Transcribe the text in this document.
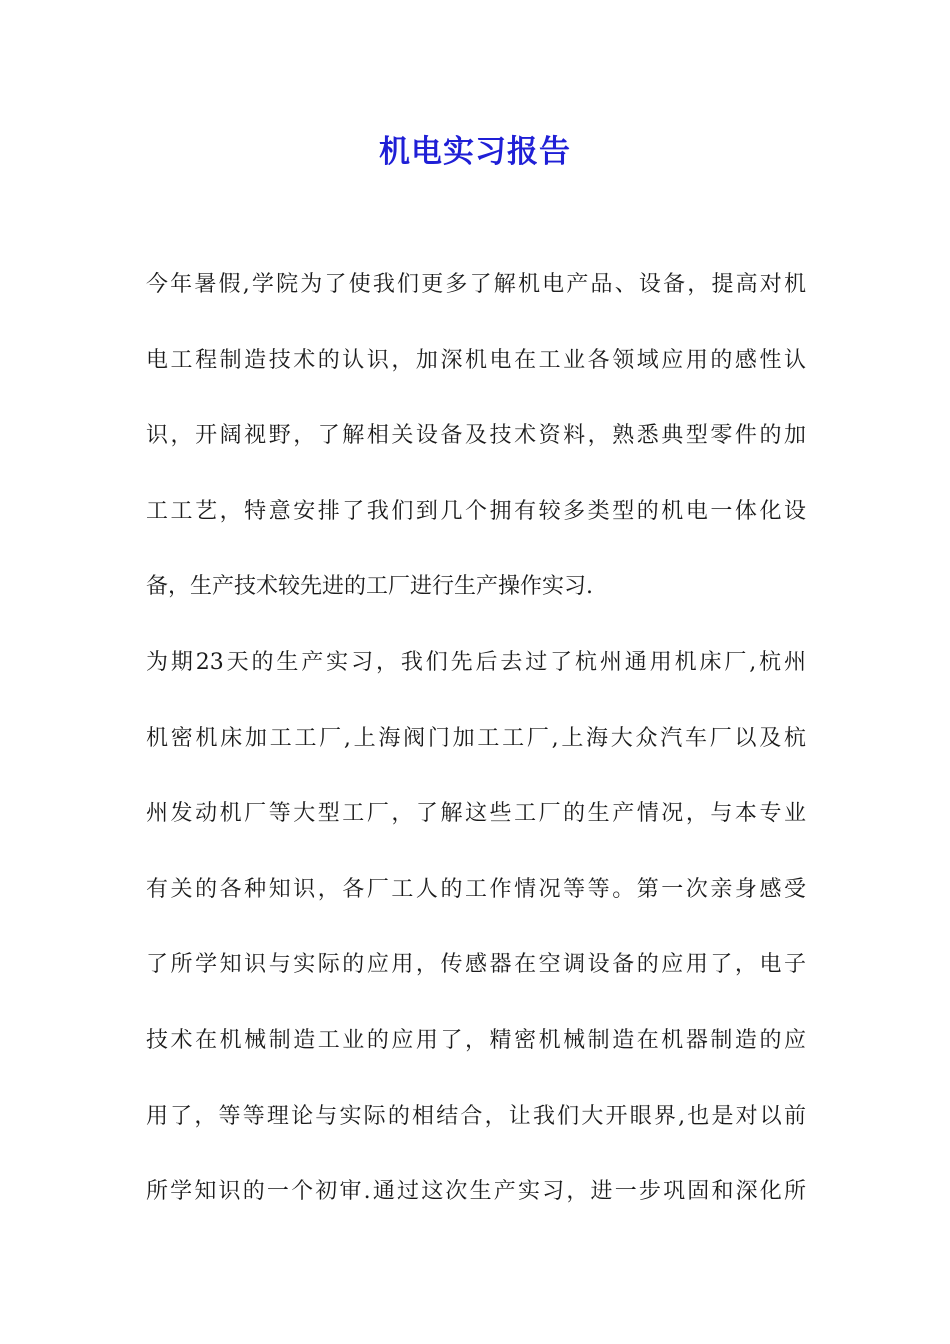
机电实习报告
今年暑假,学院为了使我们更多了解机电产品、设备，提高对机
电工程制造技术的认识，加深机电在工业各领域应用的感性认
识，开阔视野，了解相关设备及技术资料，熟悉典型零件的加
工工艺，特意安排了我们到几个拥有较多类型的机电一体化设
备，生产技术较先进的工厂进行生产操作实习.
为期23天的生产实习，我们先后去过了杭州通用机床厂,杭州
机密机床加工工厂,上海阀门加工工厂,上海大众汽车厂以及杭
州发动机厂等大型工厂，了解这些工厂的生产情况，与本专业
有关的各种知识，各厂工人的工作情况等等。第一次亲身感受
了所学知识与实际的应用，传感器在空调设备的应用了，电子
技术在机械制造工业的应用了，精密机械制造在机器制造的应
用了，等等理论与实际的相结合，让我们大开眼界,也是对以前
所学知识的一个初审.通过这次生产实习，进一步巩固和深化所
